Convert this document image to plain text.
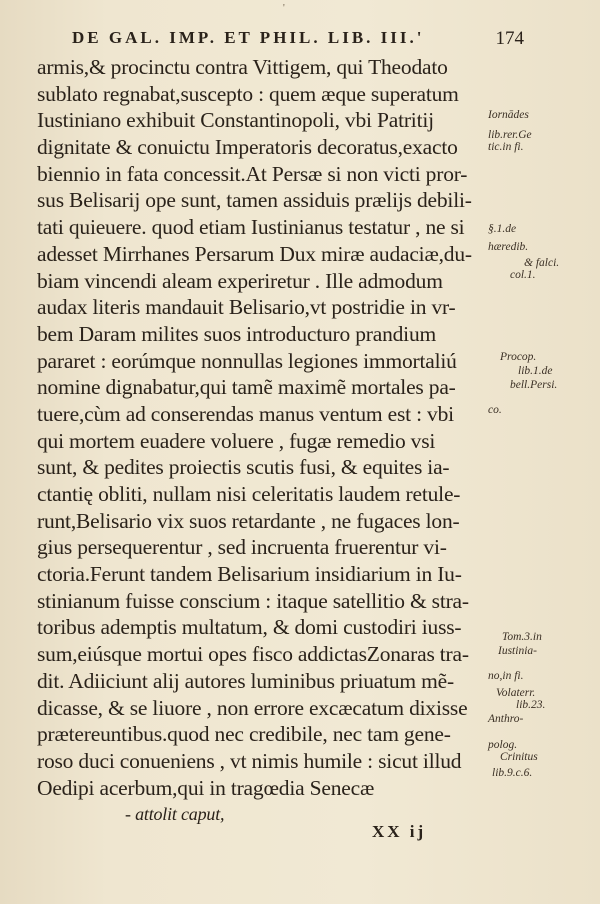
'
DE GAL. IMP. ET PHIL. LIB. III.'	174
armis,& procinctu contra Vittigem, qui Theodato
sublato regnabat,suscepto : quem æque superatum
Iustiniano exhibuit Constantinopoli, vbi Patritij
dignitate & conuictu Imperatoris decoratus,exacto
biennio in fata concessit.At Persæ si non victi pror-
sus Belisarij ope sunt, tamen assiduis prælijs debili-
tati quieuere. quod etiam Iustinianus testatur , ne si
adesset Mirrhanes Persarum Dux miræ audaciæ,du-
biam vincendi aleam experiretur . Ille admodum
audax literis mandauit Belisario,vt postridie in vr-
bem Daram milites suos introducturo prandium
pararet : eorúmque nonnullas legiones immortaliú
nomine dignabatur,qui tamẽ maximẽ mortales pa-
tuere,cùm ad conserendas manus ventum est : vbi
qui mortem euadere voluere , fugæ remedio vsi
sunt, & pedites proiectis scutis fusi, & equites ia-
ctantię obliti, nullam nisi celeritatis laudem retule-
runt,Belisario vix suos retardante , ne fugaces lon-
gius persequerentur , sed incruenta fruerentur vi-
ctoria.Ferunt tandem Belisarium insidiarium in Iu-
stinianum fuisse conscium : itaque satellitio & stra-
toribus ademptis multatum, & domi custodiri iuss-
sum,eiúsque mortui opes fisco addictasZonaras tra-
dit. Adiiciunt alij autores luminibus priuatum mẽ-
dicasse, & se liuore , non errore excæcatum dixisse
prætereuntibus.quod nec credibile, nec tam gene-
roso duci conueniens , vt nimis humile : sicut illud
Oedipi acerbum,qui in tragœdia Senecæ
- attolit caput,
Iornādes
lib.rer.Ge
tic.in fi.
§.1.de
hæredib.
& falci.
col.1.
Procop.
lib.1.de
bell.Persi.
co.
Tom.3.in
Iustinia-
no,in fi.
Volaterr.
lib.23.
Anthro-
polog.
Crinitus
lib.9.c.6.
XX ij
